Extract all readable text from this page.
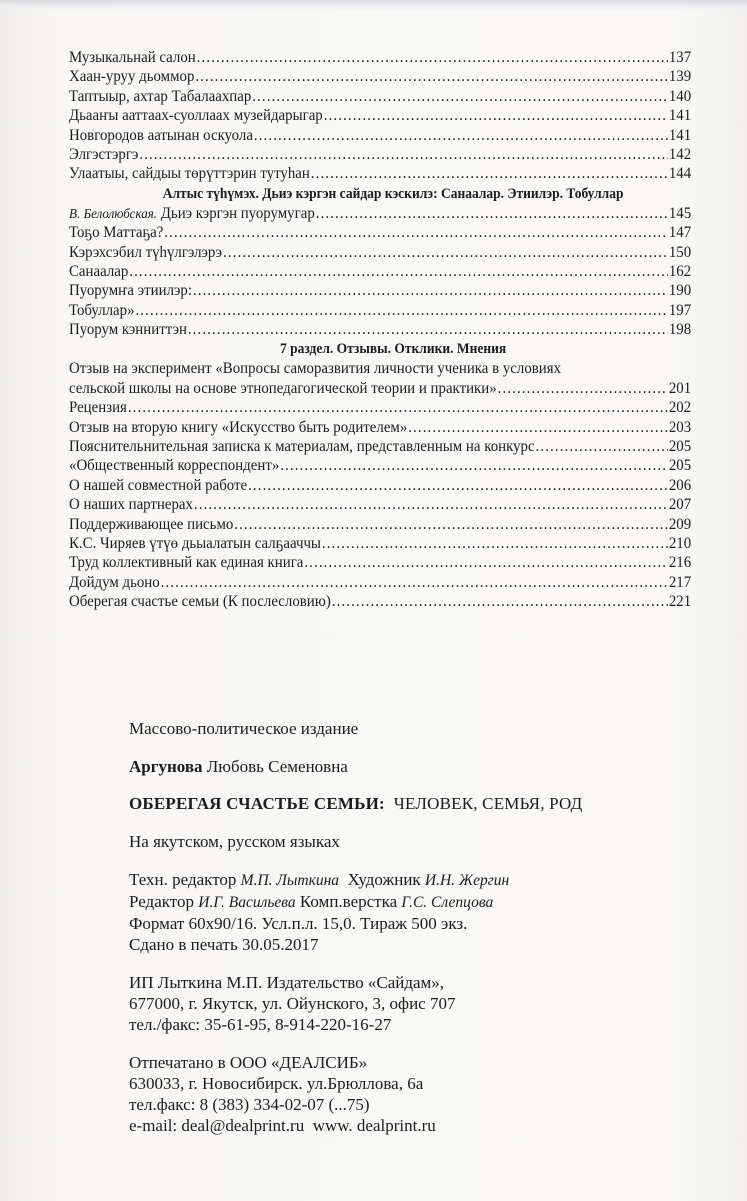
Музыкальнай салон .....	137
Хаан-уруу дьоммор .....	139
Таптыыр, ахтар Табалаахпар .....	140
Дьааҥы ааттаах-суоллаах музейдарыгар .....	141
Новгородов аатынан оскуола .....	141
Элгэстэргэ .....	142
Улаатыы, сайдыы төрүттэрин тутуһан .....	144
Алтыс түһүмэх. Дьиэ кэргэн сайдар кэскилэ: Санаалар. Этиилэр. Тобуллар
В. Белолюбская. Дьиэ кэргэн пуорумугар .....	145
Тоҕо Маттаҕа? .....	147
Кэрэхсэбил түһүлгэлэрэ .....	150
Санаалар .....	162
Пуорумҥа этиилэр: .....	190
Тобуллар» .....	197
Пуорум кэнниттэн .....	198
7 раздел. Отзывы. Отклики. Мнения
Отзыв на эксперимент «Вопросы саморазвития личности ученика в условиях
сельской школы на основе этнопедагогической теории и практики» .....	201
Рецензия .....	202
Отзыв на вторую книгу «Искусство быть родителем» .....	203
Пояснительнительная записка к материалам, представленным на конкурс .....	205
«Общественный корреспондент» .....	205
О нашей совместной работе .....	206
О наших партнерах .....	207
Поддерживающее письмо .....	209
К.С. Чиряев үтүө дьыалатын салҕааччы .....	210
Труд коллективный как единая книга .....	216
Дойдум дьоно .....	217
Оберегая счастье семьи (К послесловию) .....	221

Массово-политическое издание

Аргунова Любовь Семеновна

ОБЕРЕГАЯ СЧАСТЬЕ СЕМЬИ: ЧЕЛОВЕК, СЕМЬЯ, РОД

На якутском, русском языках

Техн. редактор М.П. Лыткина Художник И.Н. Жергин

Редактор И.Г. Васильева Комп.верстка Г.С. Слепцова

Формат 60х90/16. Усл.п.л. 15,0. Тираж 500 экз.

Сдано в печать 30.05.2017

ИП Лыткина М.П. Издательство «Сайдам»,

677000, г. Якутск, ул. Ойунского, 3, офис 707

тел./факс: 35-61-95, 8-914-220-16-27

Отпечатано в ООО «ДЕАЛСИБ»

630033, г. Новосибирск. ул.Брюллова, 6а

тел.факс: 8 (383) 334-02-07 (...75)

e-mail: deal@dealprint.ru  www. dealprint.ru
